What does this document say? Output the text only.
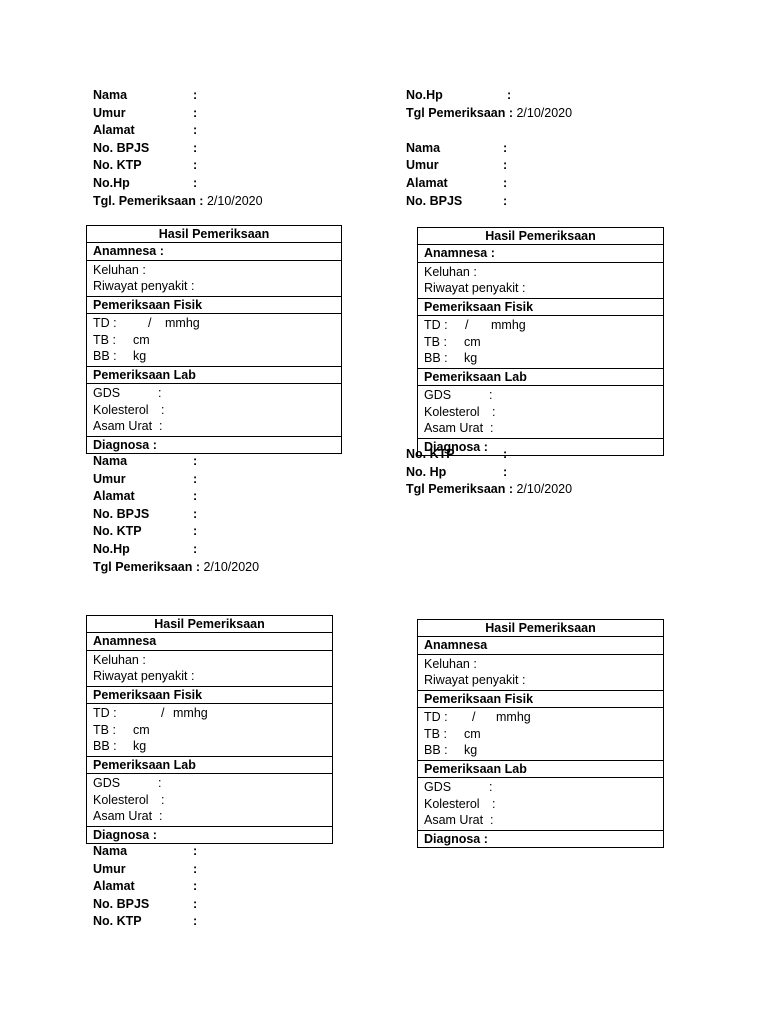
Nama	:
Umur	:
Alamat	:
No. BPJS	:
No. KTP	:
No.Hp	:
Tgl. Pemeriksaan : 2/10/2020
No.Hp	:
Tgl Pemeriksaan : 2/10/2020
Nama	:
Umur	:
Alamat	:
No. BPJS	:
Hasil Pemeriksaan
Anamnesa :
Keluhan :
Riwayat penyakit :
Pemeriksaan Fisik
TD :	/ mmhg
TB : cm
BB : kg
Pemeriksaan Lab
GDS	:
Kolesterol :
Asam Urat :
Diagnosa :
Hasil Pemeriksaan
Anamnesa :
Keluhan :
Riwayat penyakit :
Pemeriksaan Fisik
TD : / mmhg
TB : cm
BB : kg
Pemeriksaan Lab
GDS	:
Kolesterol :
Asam Urat :
Diagnosa :
Nama	:
Umur	:
Alamat	:
No. BPJS	:
No. KTP	:
No.Hp	:
Tgl Pemeriksaan : 2/10/2020
No. KTP	:
No. Hp	:
Tgl Pemeriksaan : 2/10/2020
Hasil Pemeriksaan
Anamnesa
Keluhan :
Riwayat penyakit :
Pemeriksaan Fisik
TD :	/ mmhg
TB : cm
BB : kg
Pemeriksaan Lab
GDS	:
Kolesterol :
Asam Urat :
Diagnosa :
Hasil Pemeriksaan
Anamnesa
Keluhan :
Riwayat penyakit :
Pemeriksaan Fisik
TD : / mmhg
TB : cm
BB : kg
Pemeriksaan Lab
GDS	:
Kolesterol :
Asam Urat :
Diagnosa :
Nama	:
Umur	:
Alamat	:
No. BPJS	:
No. KTP	:
